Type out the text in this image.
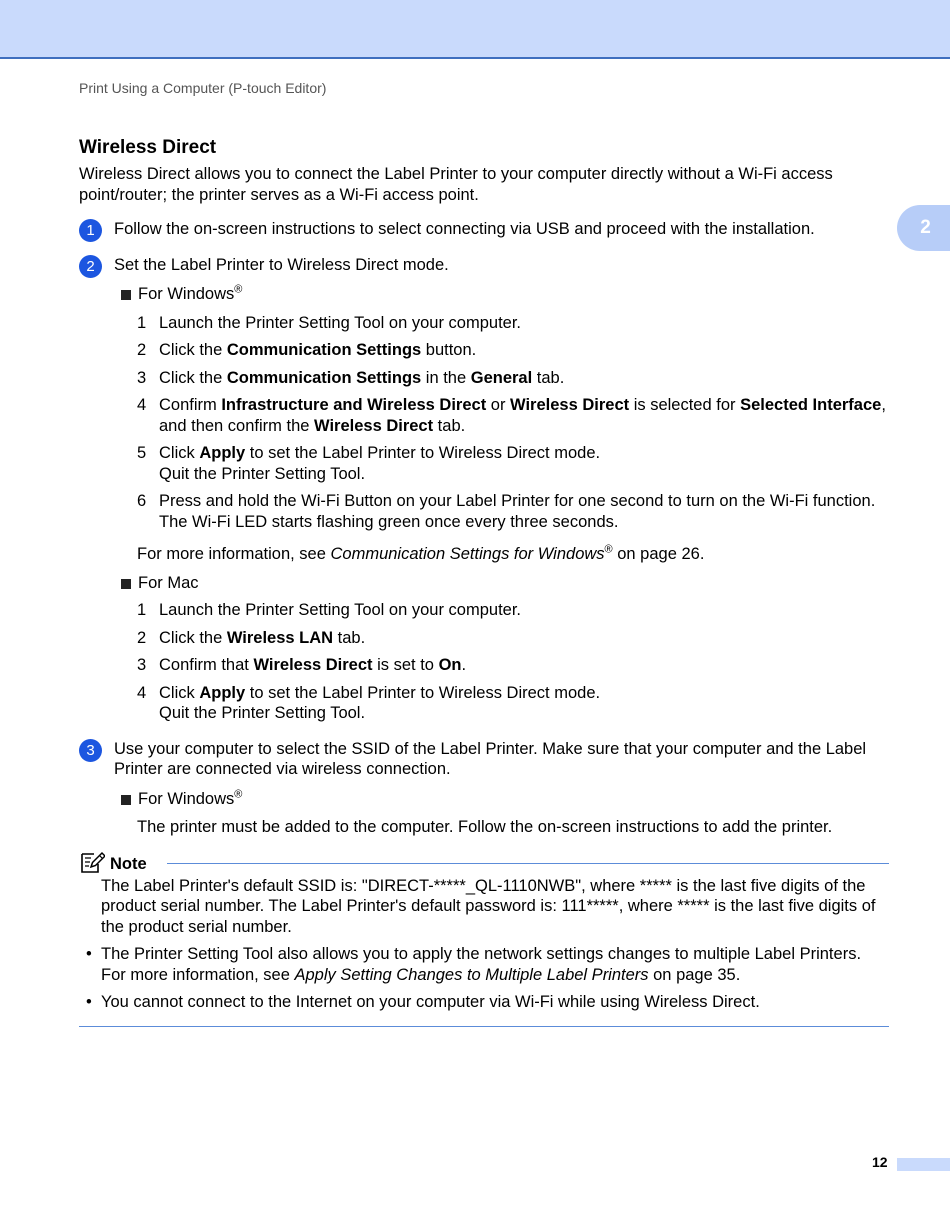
Print Using a Computer (P-touch Editor)
2
Wireless Direct

Wireless Direct allows you to connect the Label Printer to your computer directly without a Wi-Fi access point/router; the printer serves as a Wi-Fi access point.

1	Follow the on-screen instructions to select connecting via USB and proceed with the installation.

2	Set the Label Printer to Wireless Direct mode.

For Windows®
1 Launch the Printer Setting Tool on your computer.
2 Click the Communication Settings button.
3 Click the Communication Settings in the General tab.
4 Confirm Infrastructure and Wireless Direct or Wireless Direct is selected for Selected Interface, and then confirm the Wireless Direct tab.
5 Click Apply to set the Label Printer to Wireless Direct mode.
Quit the Printer Setting Tool.
6 Press and hold the Wi-Fi Button on your Label Printer for one second to turn on the Wi-Fi function. The Wi-Fi LED starts flashing green once every three seconds.

For more information, see Communication Settings for Windows® on page 26.

For Mac
1 Launch the Printer Setting Tool on your computer.
2 Click the Wireless LAN tab.
3 Confirm that Wireless Direct is set to On.
4 Click Apply to set the Label Printer to Wireless Direct mode.
Quit the Printer Setting Tool.
3	Use your computer to select the SSID of the Label Printer. Make sure that your computer and the Label Printer are connected via wireless connection.

For Windows®

The printer must be added to the computer. Follow the on-screen instructions to add the printer.

Note

The Label Printer's default SSID is: "DIRECT-*****_QL-1110NWB", where ***** is the last five digits of the product serial number. The Label Printer's default password is: 111*****, where ***** is the last five digits of the product serial number.

• The Printer Setting Tool also allows you to apply the network settings changes to multiple Label Printers. For more information, see Apply Setting Changes to Multiple Label Printers on page 35.
• You cannot connect to the Internet on your computer via Wi-Fi while using Wireless Direct.
12
